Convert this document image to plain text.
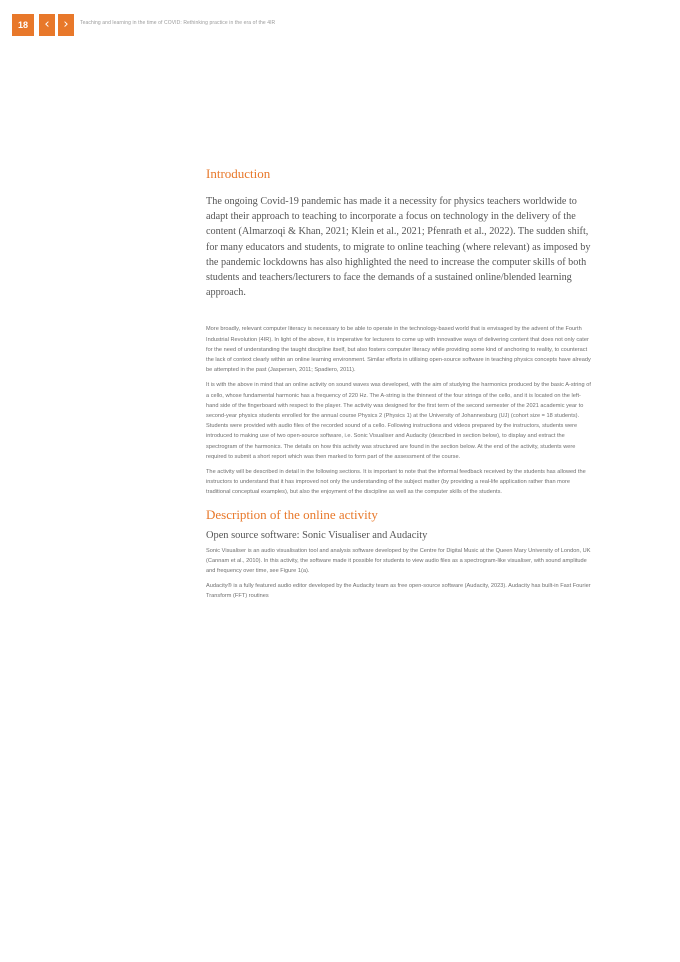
18	‹	›	Teaching and learning in the time of COVID: Rethinking practice in the era of the 4IR
Introduction

The ongoing Covid-19 pandemic has made it a necessity for physics teachers worldwide to adapt their approach to teaching to incorporate a focus on technology in the delivery of the content (Almarzoqi & Khan, 2021; Klein et al., 2021; Pfenrath et al., 2022). The sudden shift, for many educators and students, to migrate to online teaching (where relevant) as imposed by the pandemic lockdowns has also highlighted the need to increase the computer skills of both students and teachers/lecturers to face the demands of a sustained online/blended learning approach.

More broadly, relevant computer literacy is necessary to be able to operate in the technology-based world that is envisaged by the advent of the Fourth Industrial Revolution (4IR). In light of the above, it is imperative for lecturers to come up with innovative ways of delivering content that does not only cater for the need of understanding the taught discipline itself, but also fosters computer literacy while providing some kind of anchoring to reality, to counteract the lack of context clearly within an online learning environment. Similar efforts in utilising open-source software in teaching physics concepts have already be attempted in the past (Jaspersen, 2011; Spadiero, 2011).

It is with the above in mind that an online activity on sound waves was developed, with the aim of studying the harmonics produced by the basic A-string of a cello, whose fundamental harmonic has a frequency of 220 Hz. The A-string is the thinnest of the four strings of the cello, and it is located on the left-hand side of the fingerboard with respect to the player. The activity was designed for the first term of the second semester of the 2021 academic year to second-year physics students enrolled for the annual course Physics 2 (Physics 1) at the University of Johannesburg (UJ) (cohort size = 18 students). Students were provided with audio files of the recorded sound of a cello. Following instructions and videos prepared by the instructors, students were introduced to making use of two open-source software, i.e. Sonic Visualiser and Audacity (described in section below), to display and extract the spectrogram of the harmonics. The details on how this activity was structured are found in the section below. At the end of the activity, students were required to submit a short report which was then marked to form part of the assessment of the course.

The activity will be described in detail in the following sections. It is important to note that the informal feedback received by the students has allowed the instructors to understand that it has improved not only the understanding of the subject matter (by providing a real-life application rather than more traditional conceptual examples), but also the enjoyment of the discipline as well as the computer skills of the students.

Description of the online activity
Open source software: Sonic Visualiser and Audacity

Sonic Visualiser is an audio visualisation tool and analysis software developed by the Centre for Digital Music at the Queen Mary University of London, UK (Cannam et al., 2010). In this activity, the software made it possible for students to view audio files as a spectrogram-like visualiser, with sound amplitude and frequency over time, see Figure 1(a).

Audacity® is a fully featured audio editor developed by the Audacity team as free open-source software (Audacity, 2023). Audacity has built-in Fast Fourier Transform (FFT) routines
